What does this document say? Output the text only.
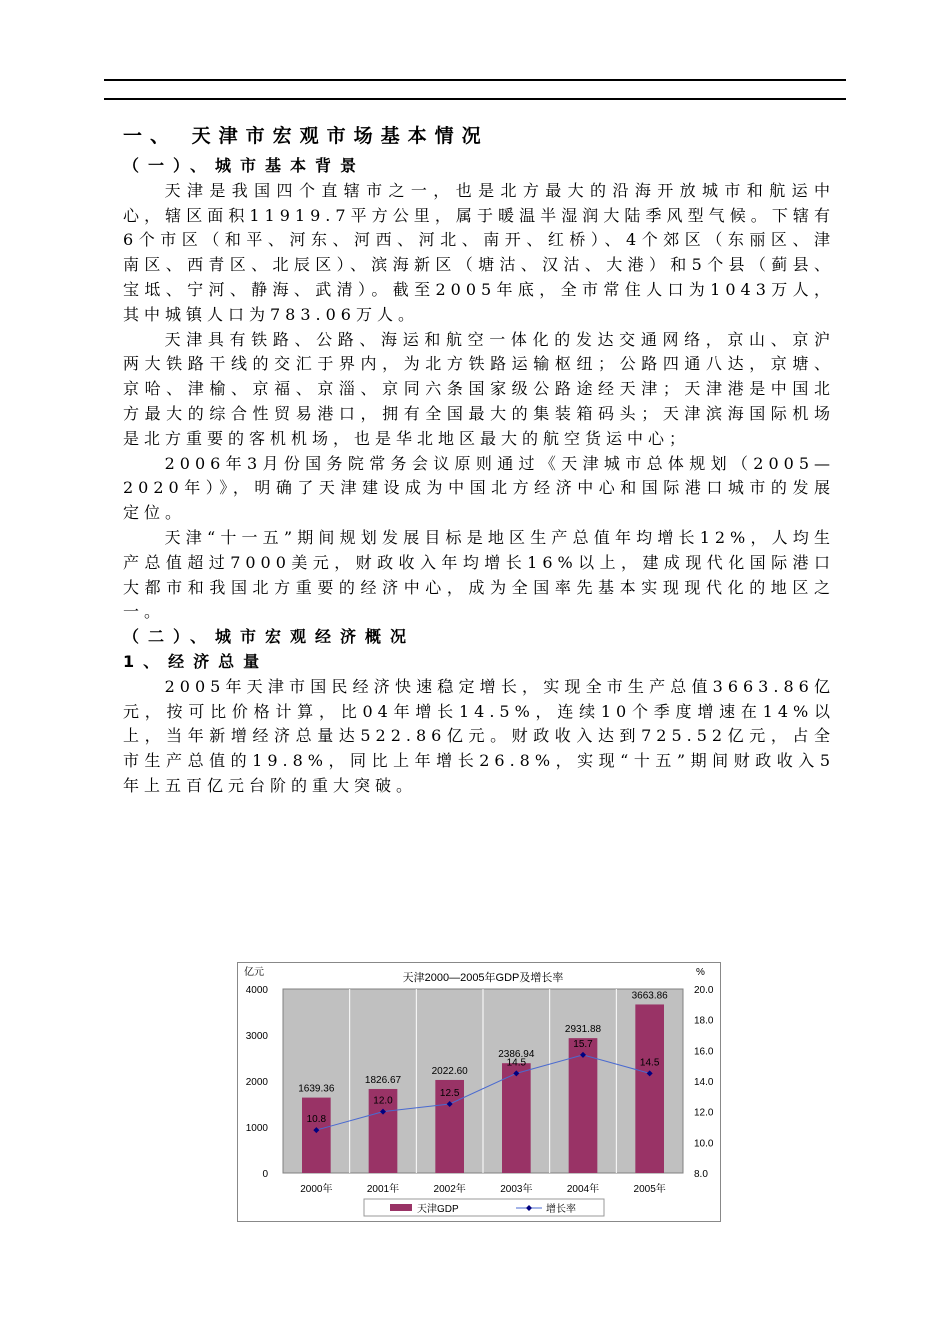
一、 天津市宏观市场基本情况

（一）、城市基本背景

天津是我国四个直辖市之一，也是北方最大的沿海开放城市和航运中心，辖区面积11919.7平方公里，属于暖温半湿润大陆季风型气候。下辖有6个市区（和平、河东、河西、河北、南开、红桥）、4个郊区（东丽区、津南区、西青区、北辰区）、滨海新区（塘沽、汉沽、大港）和5个县（蓟县、宝坻、宁河、静海、武清）。截至2005年底，全市常住人口为1043万人，其中城镇人口为783.06万人。

天津具有铁路、公路、海运和航空一体化的发达交通网络，京山、京沪两大铁路干线的交汇于界内，为北方铁路运输枢纽；公路四通八达，京塘、京哈、津榆、京福、京淄、京同六条国家级公路途经天津；天津港是中国北方最大的综合性贸易港口，拥有全国最大的集装箱码头；天津滨海国际机场是北方重要的客机机场，也是华北地区最大的航空货运中心；

2006年3月份国务院常务会议原则通过《天津城市总体规划（2005—2020年）》，明确了天津建设成为中国北方经济中心和国际港口城市的发展定位。

天津“十一五”期间规划发展目标是地区生产总值年均增长12%，人均生产总值超过7000美元，财政收入年均增长16%以上，建成现代化国际港口大都市和我国北方重要的经济中心，成为全国率先基本实现现代化的地区之一。

（二）、城市宏观经济概况

1、经济总量

2005年天津市国民经济快速稳定增长，实现全市生产总值3663.86亿元，按可比价格计算，比04年增长14.5%，连续10个季度增速在14%以上，当年新增经济总量达522.86亿元。财政收入达到725.52亿元，占全市生产总值的19.8%，同比上年增长26.8%，实现“十五”期间财政收入5年上五百亿元台阶的重大突破。

天津2000—2005年GDP及增长率
亿元	%
0
1000
2000
3000
4000
8.0
10.0
12.0
14.0
16.0
18.0
20.0
1639.36
1826.67
2022.60
2386.94
2931.88
3663.86
10.8
12.0
12.5
14.5
15.7
14.5
2000年	2001年	2002年	2003年	2004年	2005年
天津GDP	增长率
